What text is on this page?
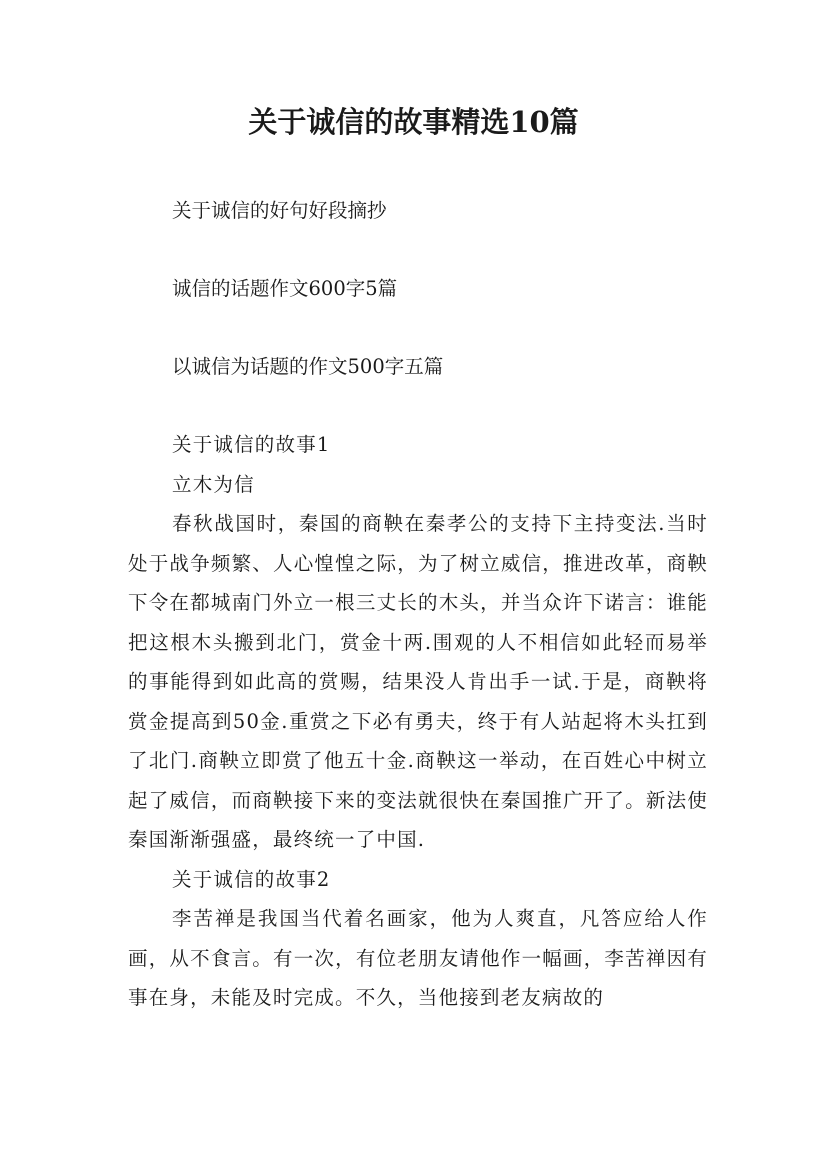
关于诚信的故事精选10篇
关于诚信的好句好段摘抄
诚信的话题作文600字5篇
以诚信为话题的作文500字五篇

关于诚信的故事1

立木为信

春秋战国时，秦国的商鞅在秦孝公的支持下主持变法.当时处于战争频繁、人心惶惶之际，为了树立威信，推进改革，商鞅下令在都城南门外立一根三丈长的木头，并当众许下诺言：谁能把这根木头搬到北门，赏金十两.围观的人不相信如此轻而易举的事能得到如此高的赏赐，结果没人肯出手一试.于是，商鞅将赏金提高到50金.重赏之下必有勇夫，终于有人站起将木头扛到了北门.商鞅立即赏了他五十金.商鞅这一举动，在百姓心中树立起了威信，而商鞅接下来的变法就很快在秦国推广开了。新法使秦国渐渐强盛，最终统一了中国.

关于诚信的故事2

李苦禅是我国当代着名画家，他为人爽直，凡答应给人作画，从不食言。有一次，有位老朋友请他作一幅画，李苦禅因有事在身，未能及时完成。不久，当他接到老友病故的
